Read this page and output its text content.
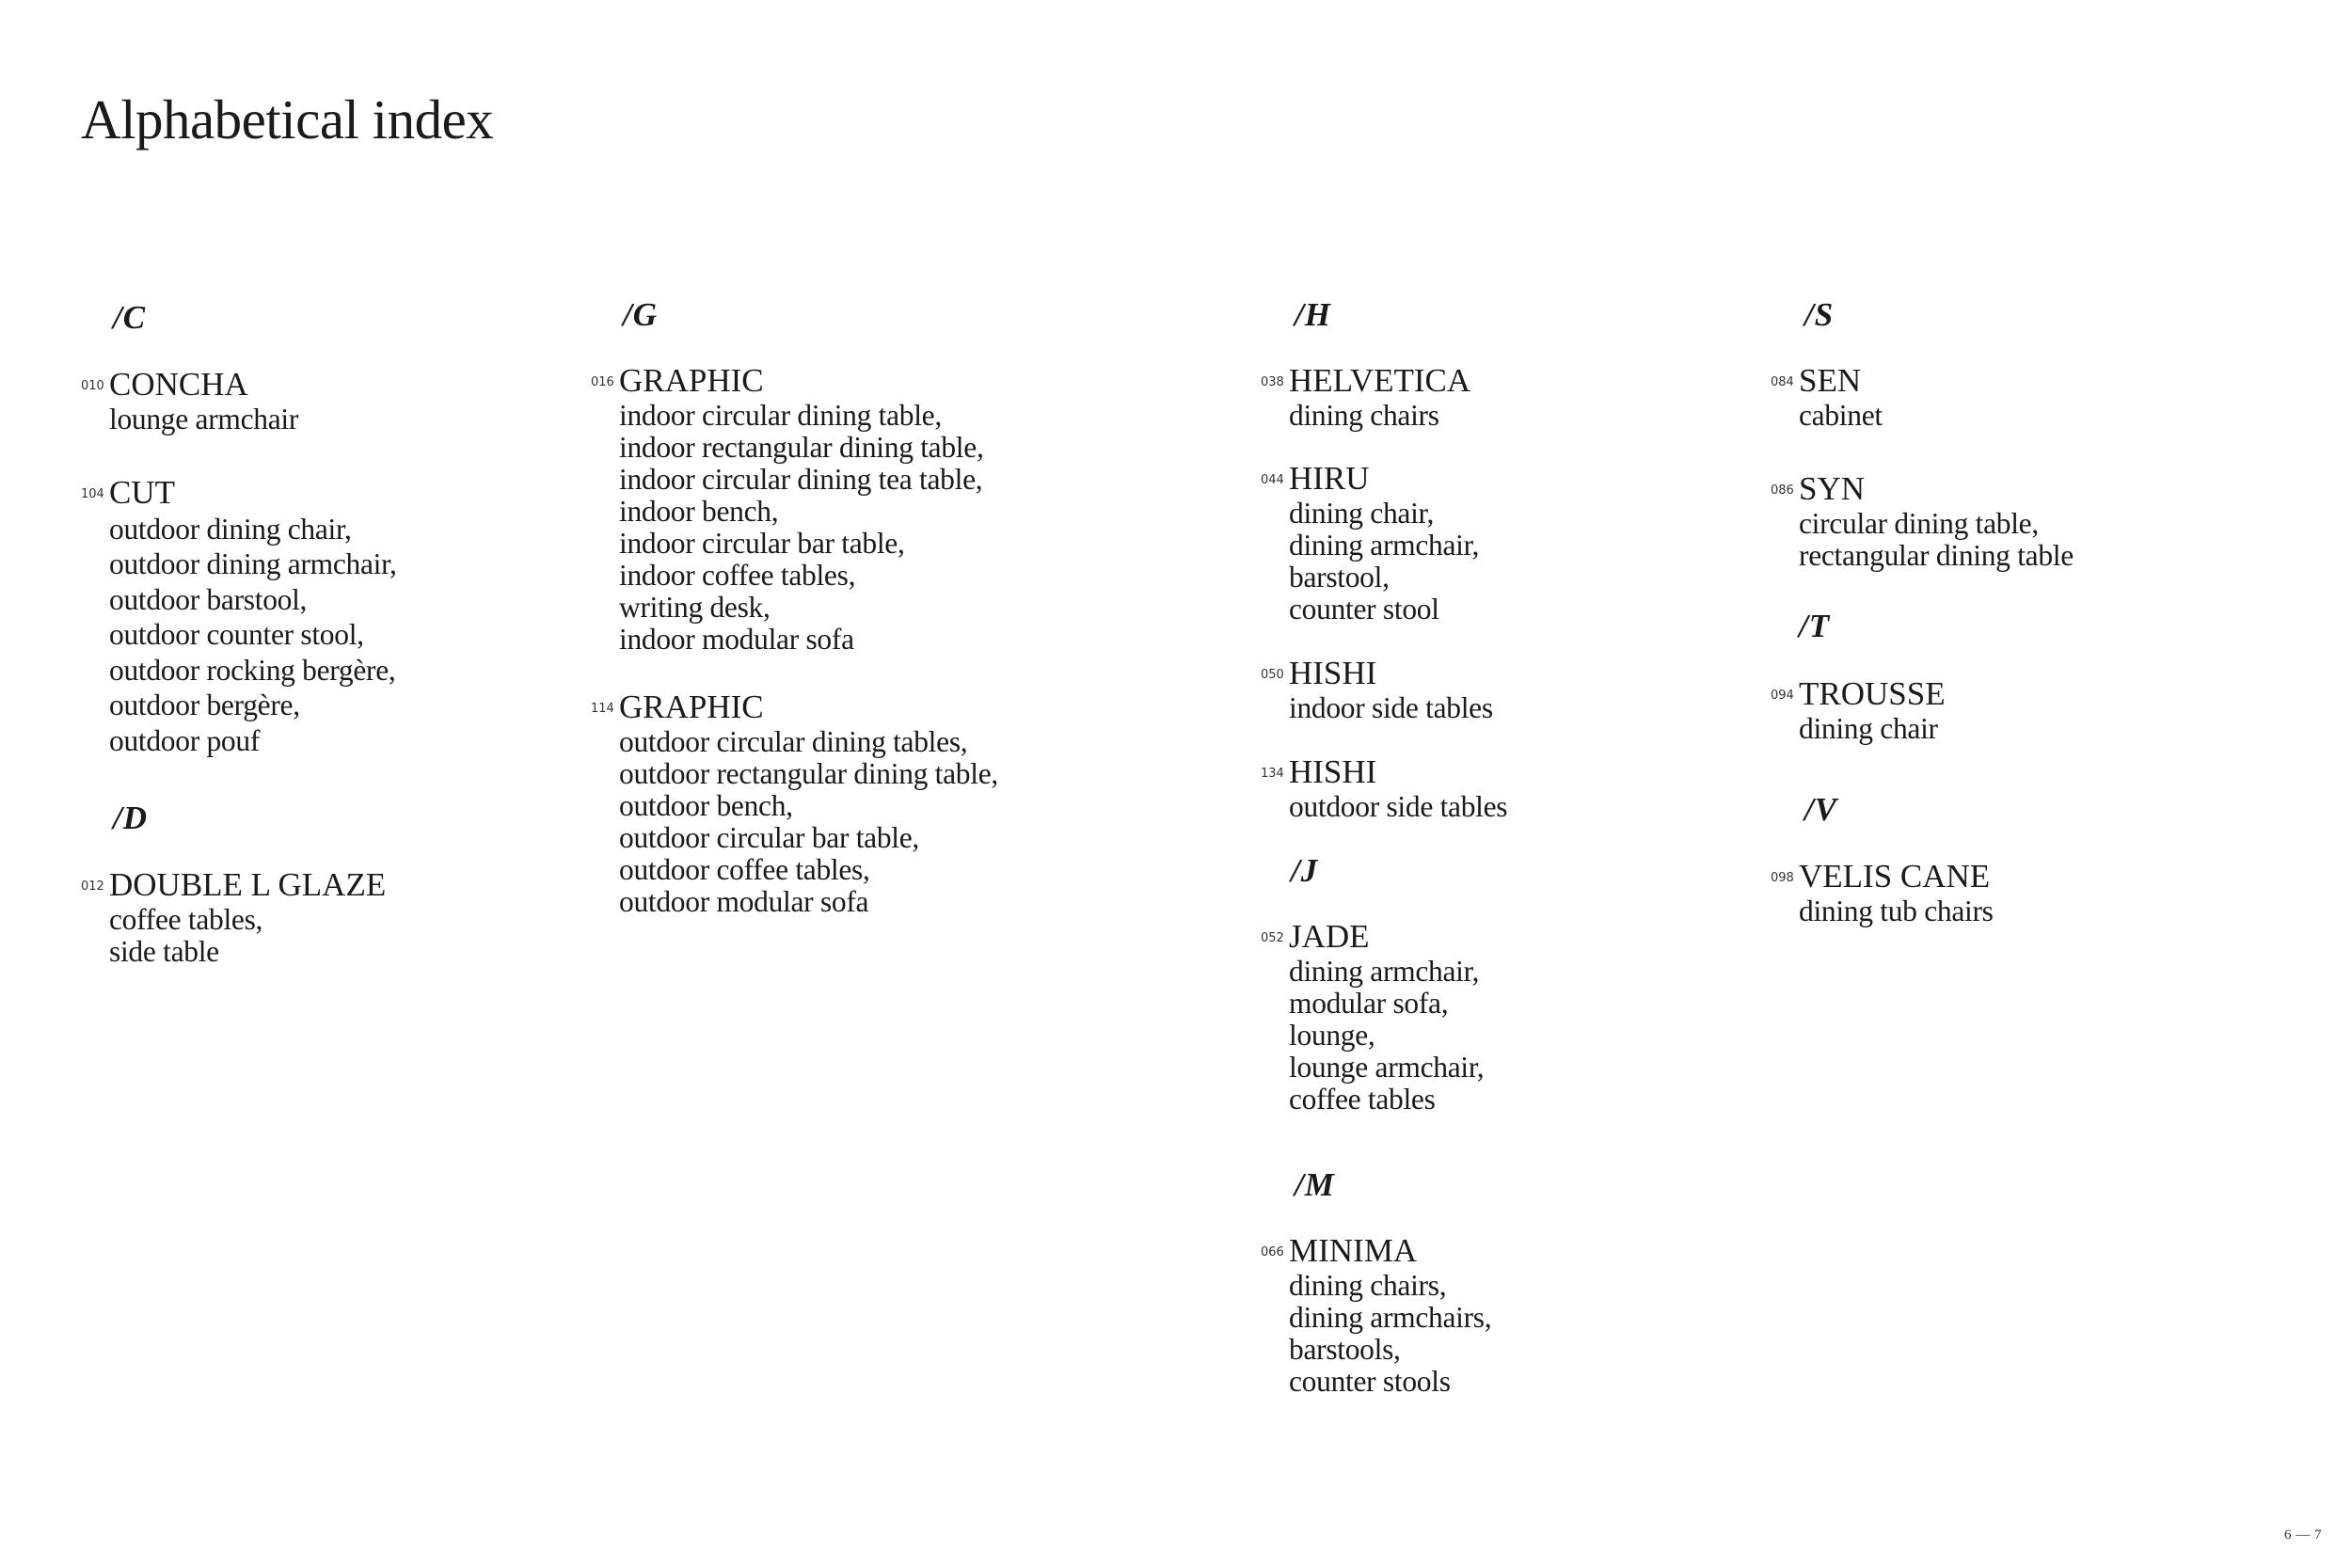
Alphabetical index
/C
010 CONCHA
lounge armchair
104 CUT
outdoor dining chair,
outdoor dining armchair,
outdoor barstool,
outdoor counter stool,
outdoor rocking bergère,
outdoor bergère,
outdoor pouf
/D
012 DOUBLE L GLAZE
coffee tables,
side table
/G
016 GRAPHIC
indoor circular dining table,
indoor rectangular dining table,
indoor circular dining tea table,
indoor bench,
indoor circular bar table,
indoor coffee tables,
writing desk,
indoor modular sofa
114 GRAPHIC
outdoor circular dining tables,
outdoor rectangular dining table,
outdoor bench,
outdoor circular bar table,
outdoor coffee tables,
outdoor modular sofa
/H
038 HELVETICA
dining chairs
044 HIRU
dining chair,
dining armchair,
barstool,
counter stool
050 HISHI
indoor side tables
134 HISHI
outdoor side tables
/J
052 JADE
dining armchair,
modular sofa,
lounge,
lounge armchair,
coffee tables
/M
066 MINIMA
dining chairs,
dining armchairs,
barstools,
counter stools
/S
084 SEN
cabinet
086 SYN
circular dining table,
rectangular dining table
/T
094 TROUSSE
dining chair
/V
098 VELIS CANE
dining tub chairs
6 — 7
